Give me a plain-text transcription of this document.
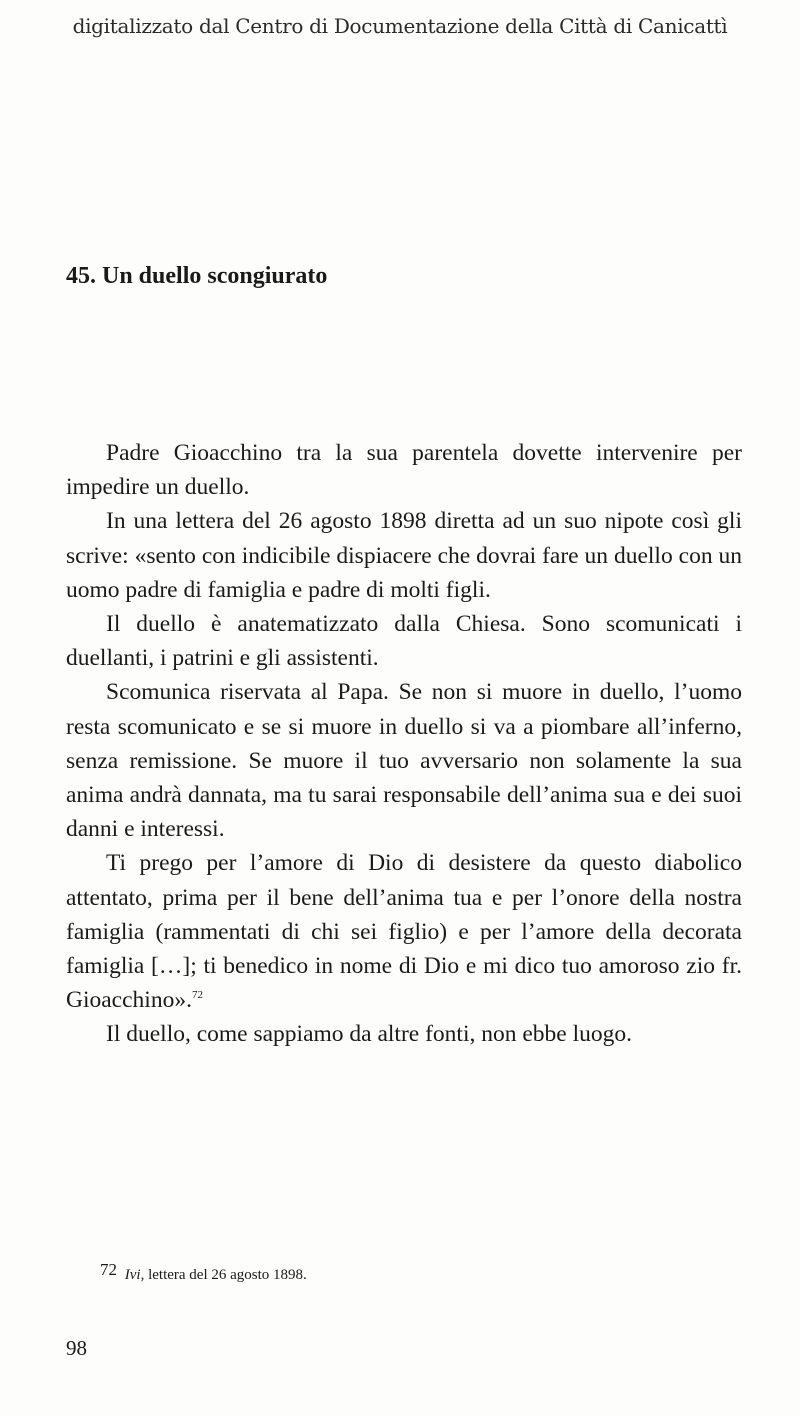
digitalizzato dal Centro di Documentazione della Città di Canicattì
45. Un duello scongiurato

Padre Gioacchino tra la sua parentela dovette intervenire per impedire un duello.

In una lettera del 26 agosto 1898 diretta ad un suo nipote così gli scrive: «sento con indicibile dispiacere che dovrai fare un duello con un uomo padre di famiglia e padre di molti figli.

Il duello è anatematizzato dalla Chiesa. Sono scomunicati i duellanti, i patrini e gli assistenti.

Scomunica riservata al Papa. Se non si muore in duello, l’uomo resta scomunicato e se si muore in duello si va a piombare all’inferno, senza remissione. Se muore il tuo avversario non solamente la sua anima andrà dannata, ma tu sarai responsabile dell’anima sua e dei suoi danni e interessi.

Ti prego per l’amore di Dio di desistere da questo diabolico attentato, prima per il bene dell’anima tua e per l’onore della nostra famiglia (rammentati di chi sei figlio) e per l’amore della decorata famiglia […]; ti benedico in nome di Dio e mi dico tuo amoroso zio fr. Gioacchino».$^{72}$

Il duello, come sappiamo da altre fonti, non ebbe luogo.

72 Ivi, lettera del 26 agosto 1898.
98
